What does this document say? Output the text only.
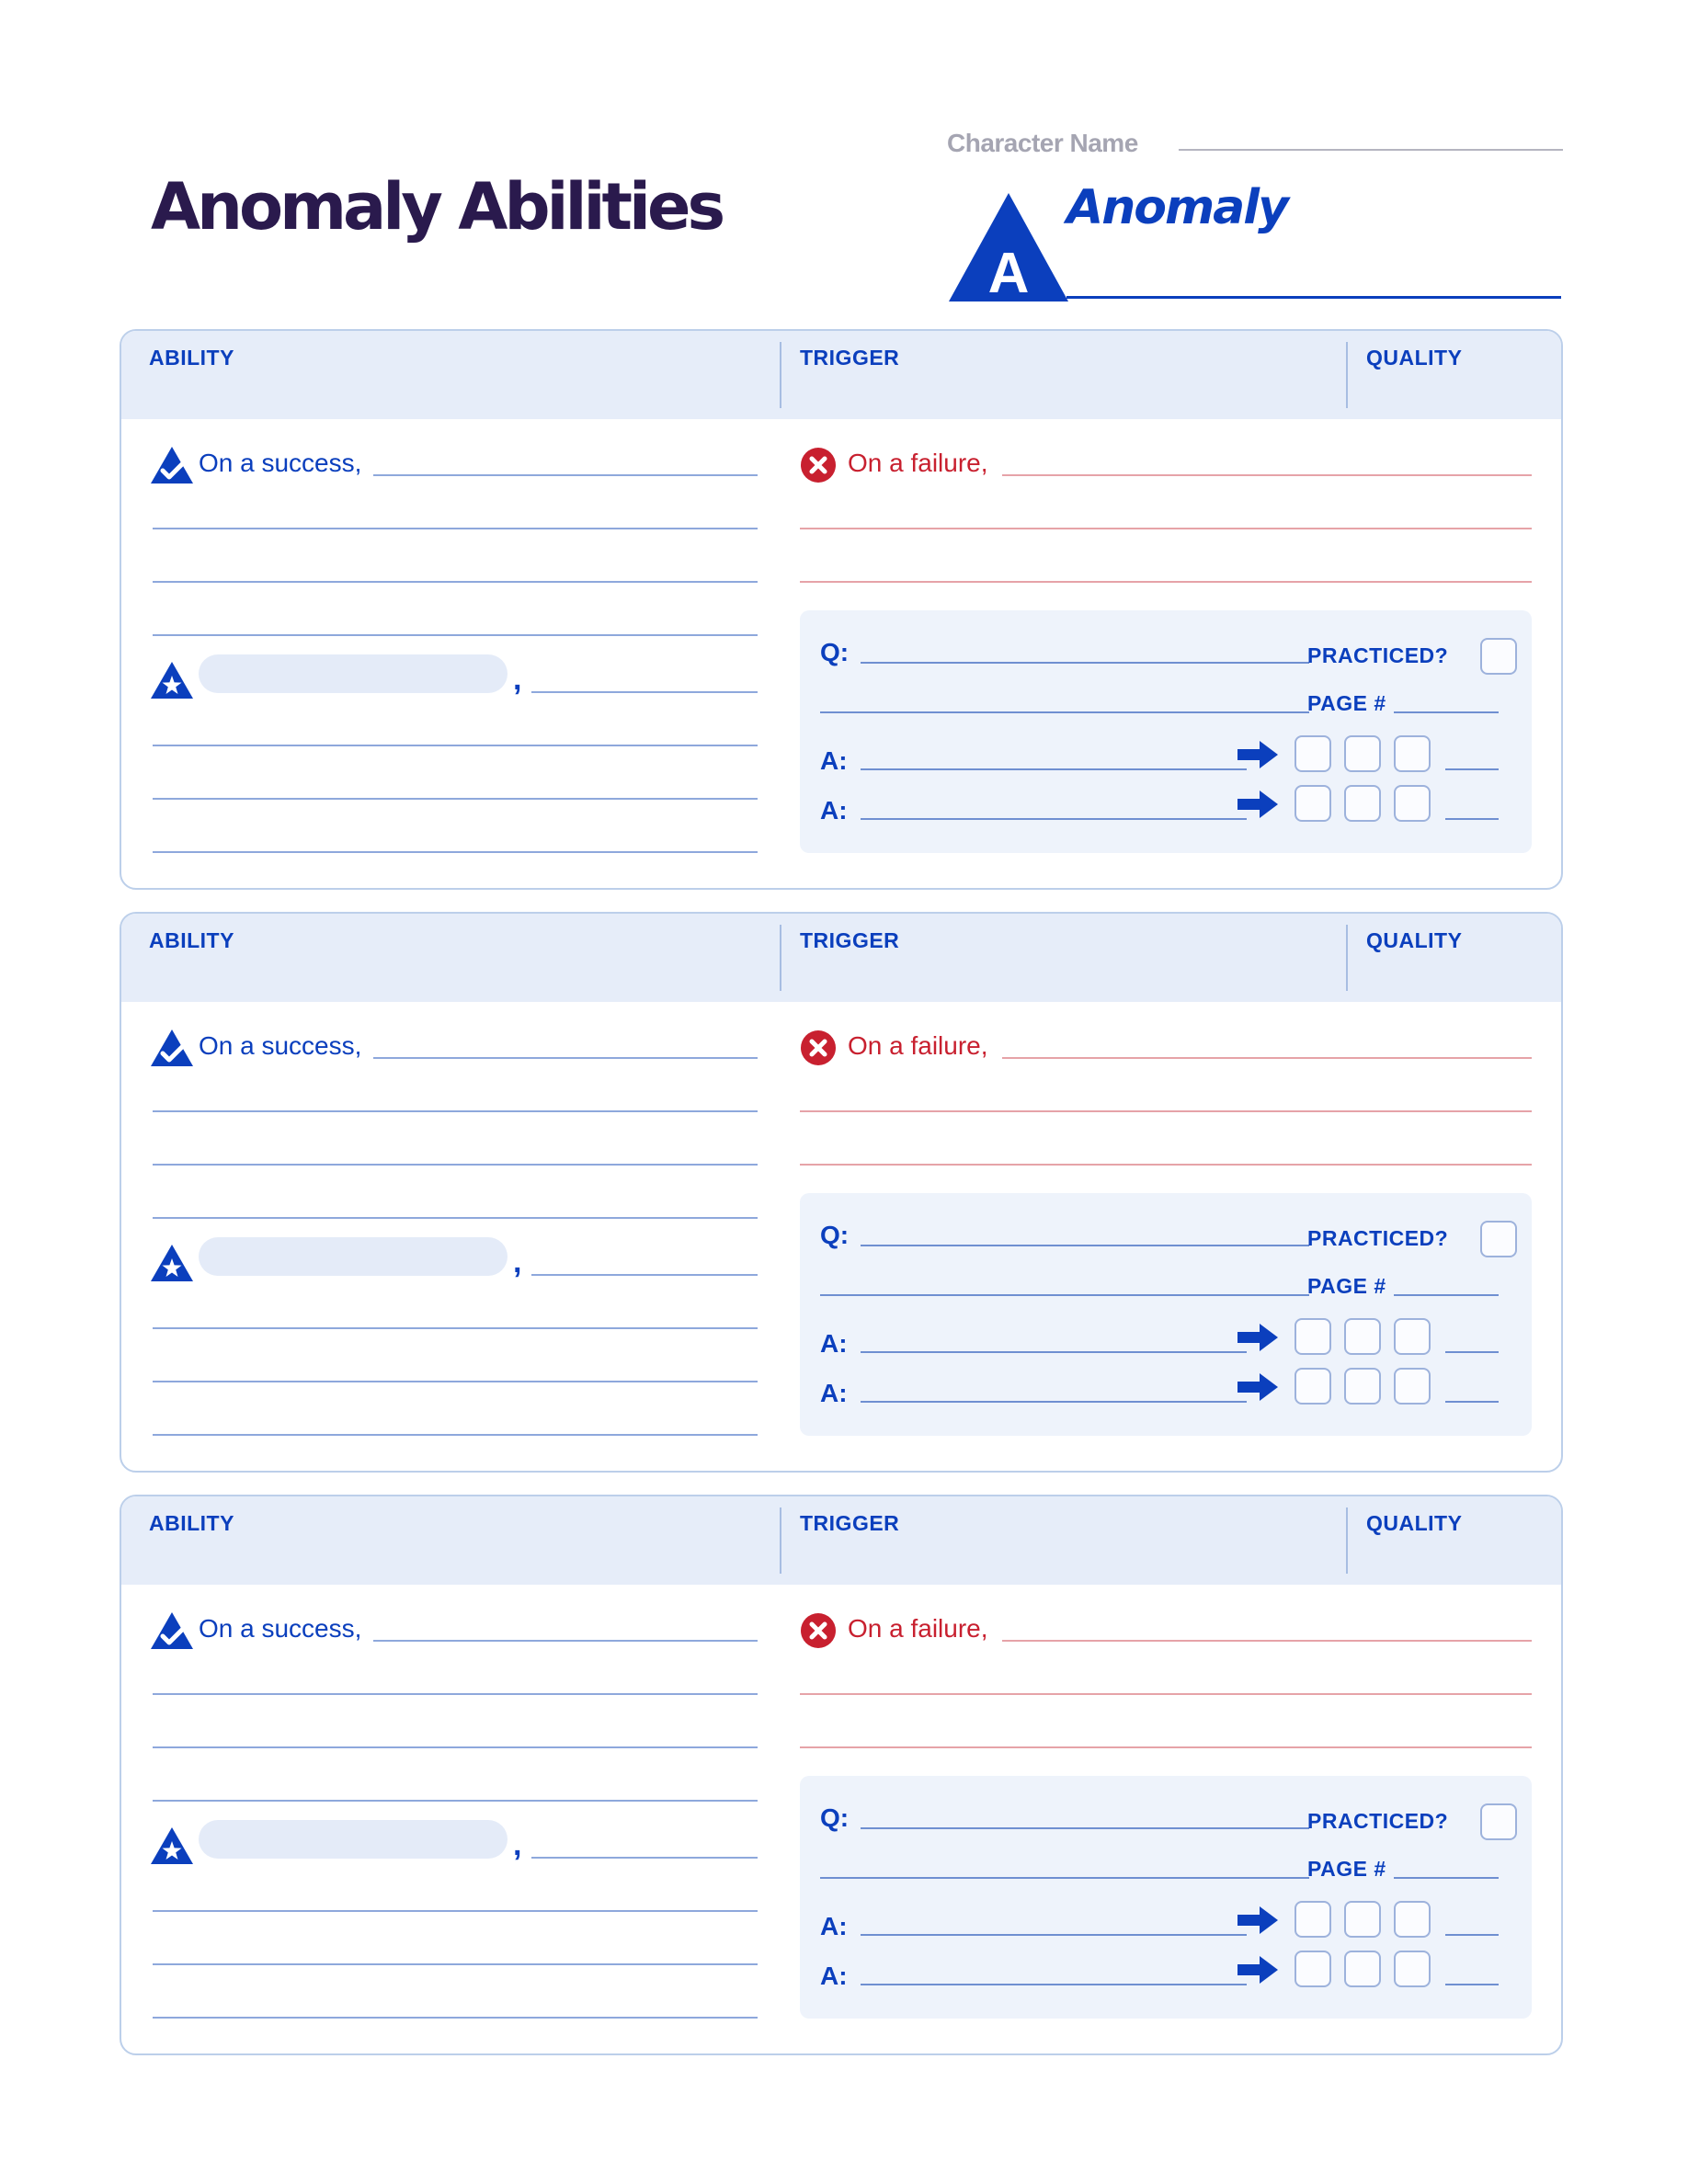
Anomaly Abilities
Character Name
A
Anomaly
ABILITY	TRIGGER	QUALITY
On a success,
,
On a failure,
Q:	PRACTICED?
PAGE #
A:
A:
ABILITY	TRIGGER	QUALITY
On a success,
,
On a failure,
Q:	PRACTICED?
PAGE #
A:
A:
ABILITY	TRIGGER	QUALITY
On a success,
,
On a failure,
Q:	PRACTICED?
PAGE #
A:
A:
